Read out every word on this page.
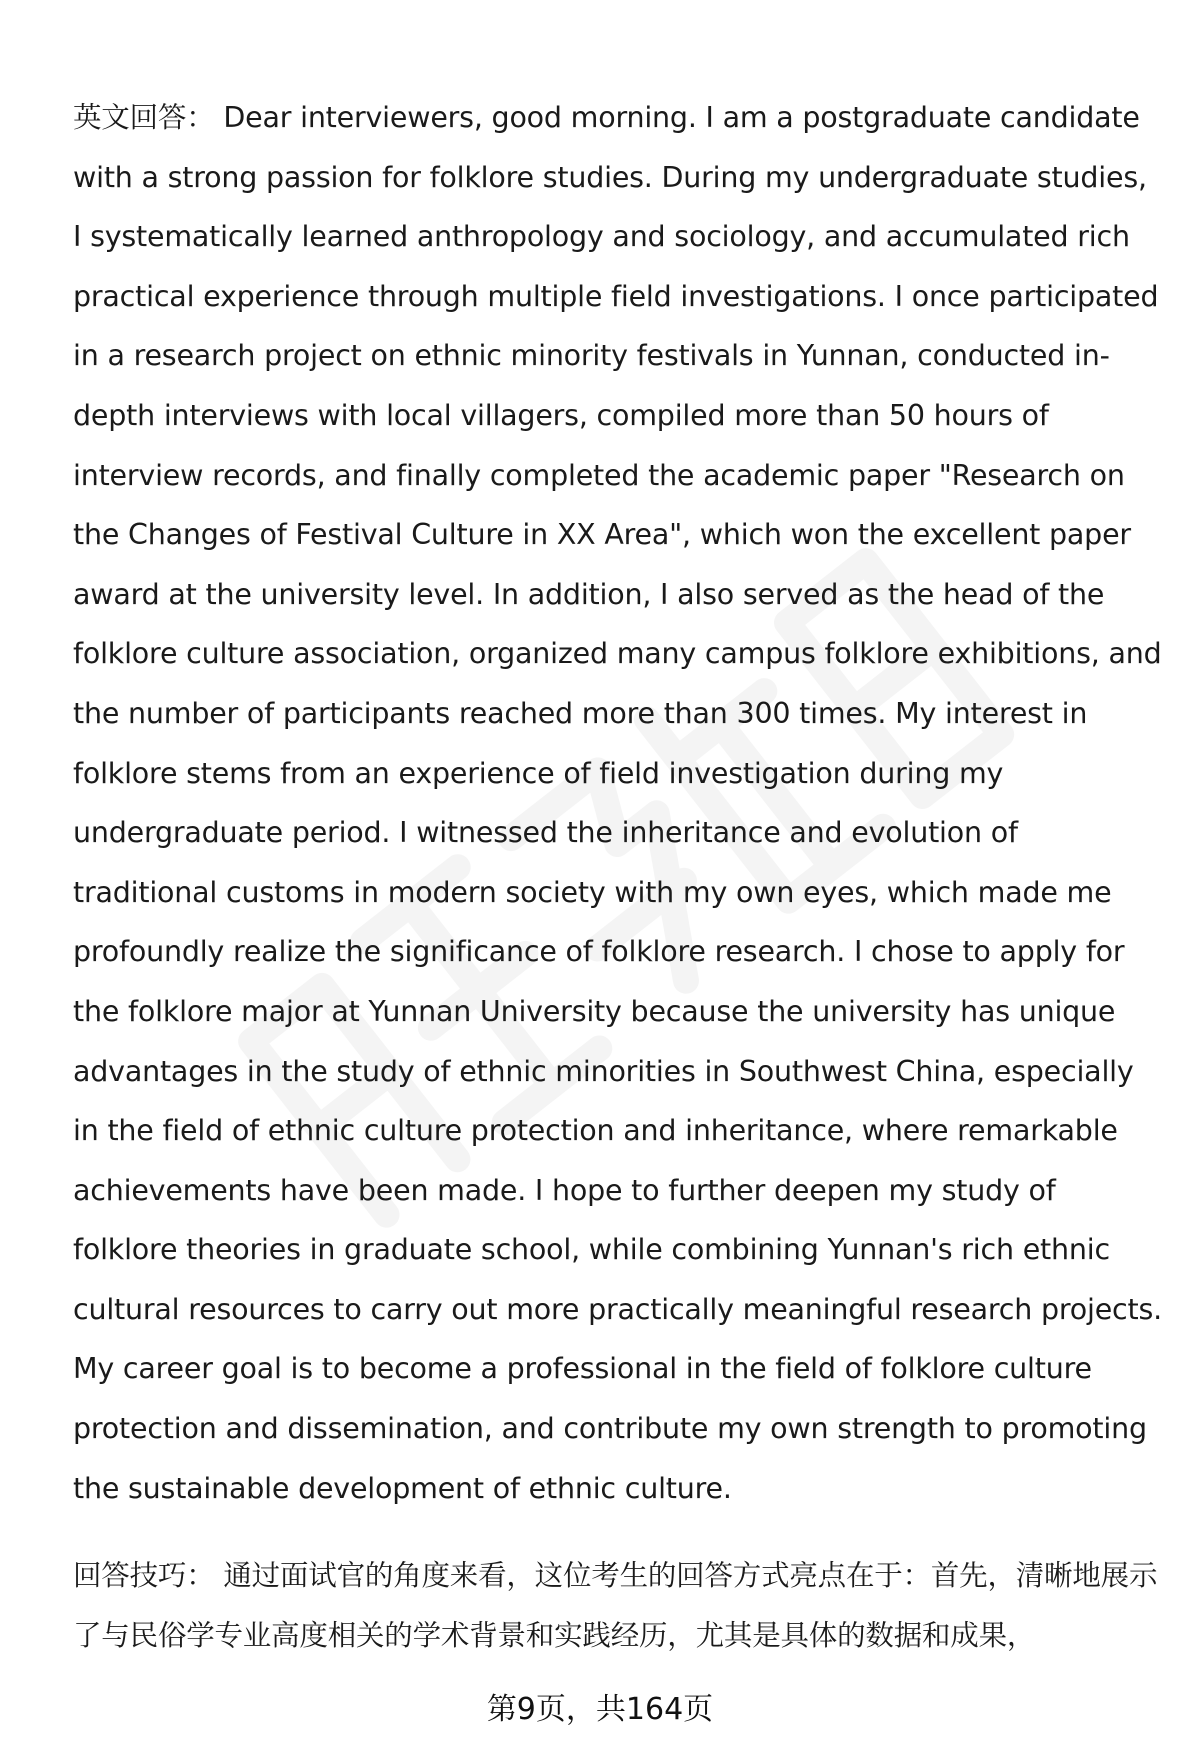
英文回答： Dear interviewers, good morning. I am a postgraduate candidate with a strong passion for folklore studies. During my undergraduate studies, I systematically learned anthropology and sociology, and accumulated rich practical experience through multiple field investigations. I once participated in a research project on ethnic minority festivals in Yunnan, conducted in-depth interviews with local villagers, compiled more than 50 hours of interview records, and finally completed the academic paper "Research on the Changes of Festival Culture in XX Area", which won the excellent paper award at the university level. In addition, I also served as the head of the folklore culture association, organized many campus folklore exhibitions, and the number of participants reached more than 300 times. My interest in folklore stems from an experience of field investigation during my undergraduate period. I witnessed the inheritance and evolution of traditional customs in modern society with my own eyes, which made me profoundly realize the significance of folklore research. I chose to apply for the folklore major at Yunnan University because the university has unique advantages in the study of ethnic minorities in Southwest China, especially in the field of ethnic culture protection and inheritance, where remarkable achievements have been made. I hope to further deepen my study of folklore theories in graduate school, while combining Yunnan's rich ethnic cultural resources to carry out more practically meaningful research projects. My career goal is to become a professional in the field of folklore culture protection and dissemination, and contribute my own strength to promoting the sustainable development of ethnic culture.
回答技巧： 通过面试官的角度来看，这位考生的回答方式亮点在于：首先，清晰地展示了与民俗学专业高度相关的学术背景和实践经历，尤其是具体的数据和成果，
第9页，共164页
